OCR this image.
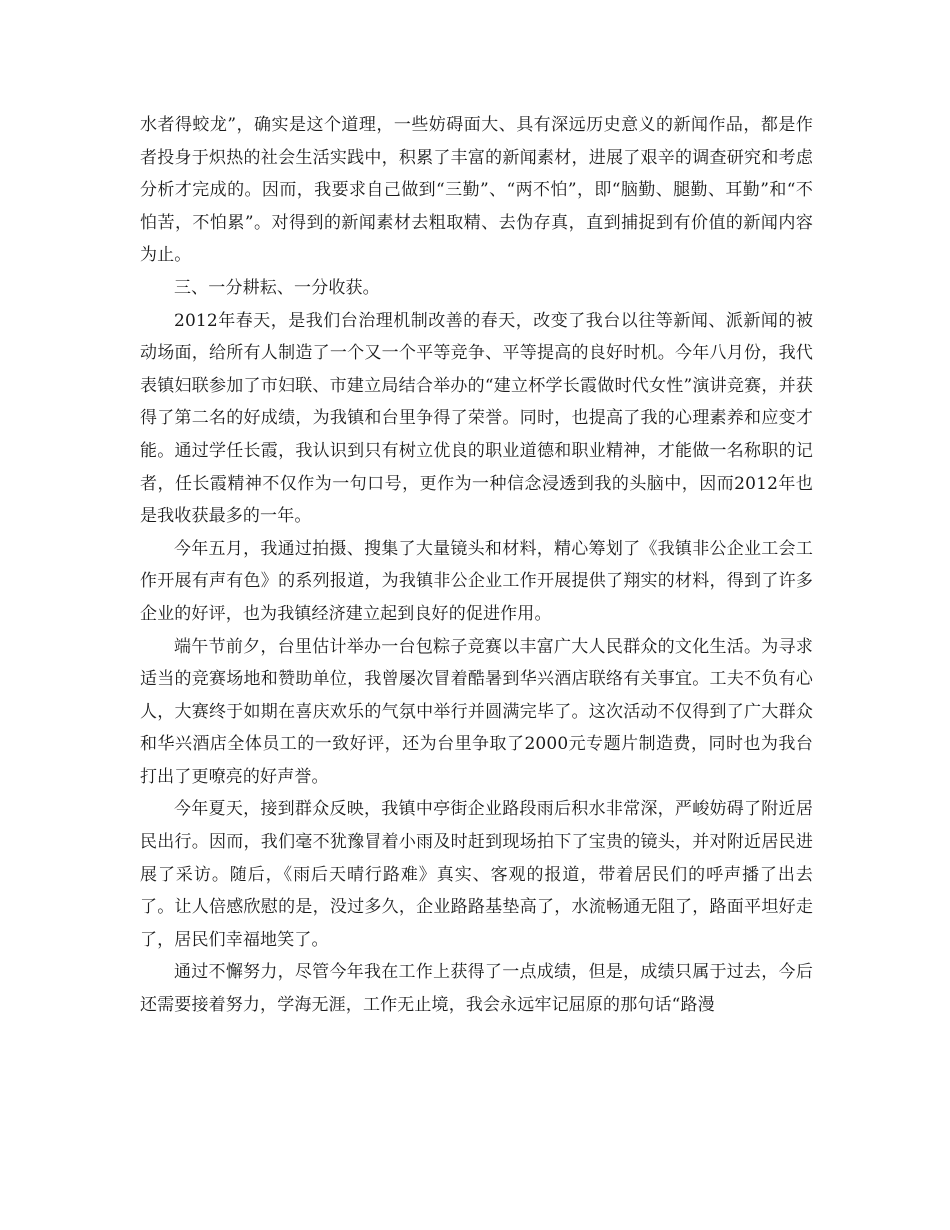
水者得蛟龙”，确实是这个道理，一些妨碍面大、具有深远历史意义的新闻作品，都是作者投身于炽热的社会生活实践中，积累了丰富的新闻素材，进展了艰辛的调查研究和考虑分析才完成的。因而，我要求自己做到“三勤”、“两不怕”，即“脑勤、腿勤、耳勤”和“不怕苦，不怕累”。对得到的新闻素材去粗取精、去伪存真，直到捕捉到有价值的新闻内容为止。

三、一分耕耘、一分收获。

2012年春天，是我们台治理机制改善的春天，改变了我台以往等新闻、派新闻的被动场面，给所有人制造了一个又一个平等竞争、平等提高的良好时机。今年八月份，我代表镇妇联参加了市妇联、市建立局结合举办的“建立杯学长霞做时代女性”演讲竞赛，并获得了第二名的好成绩，为我镇和台里争得了荣誉。同时，也提高了我的心理素养和应变才能。通过学任长霞，我认识到只有树立优良的职业道德和职业精神，才能做一名称职的记者，任长霞精神不仅作为一句口号，更作为一种信念浸透到我的头脑中，因而2012年也是我收获最多的一年。

今年五月，我通过拍摄、搜集了大量镜头和材料，精心筹划了《我镇非公企业工会工作开展有声有色》的系列报道，为我镇非公企业工作开展提供了翔实的材料，得到了许多企业的好评，也为我镇经济建立起到良好的促进作用。

端午节前夕，台里估计举办一台包粽子竞赛以丰富广大人民群众的文化生活。为寻求适当的竞赛场地和赞助单位，我曾屡次冒着酷暑到华兴酒店联络有关事宜。工夫不负有心人，大赛终于如期在喜庆欢乐的气氛中举行并圆满完毕了。这次活动不仅得到了广大群众和华兴酒店全体员工的一致好评，还为台里争取了2000元专题片制造费，同时也为我台打出了更嘹亮的好声誉。

今年夏天，接到群众反映，我镇中亭街企业路段雨后积水非常深，严峻妨碍了附近居民出行。因而，我们毫不犹豫冒着小雨及时赶到现场拍下了宝贵的镜头，并对附近居民进展了采访。随后，《雨后天晴行路难》真实、客观的报道，带着居民们的呼声播了出去了。让人倍感欣慰的是，没过多久，企业路路基垫高了，水流畅通无阻了，路面平坦好走了，居民们幸福地笑了。

通过不懈努力，尽管今年我在工作上获得了一点成绩，但是，成绩只属于过去，今后还需要接着努力，学海无涯，工作无止境，我会永远牢记屈原的那句话“路漫
